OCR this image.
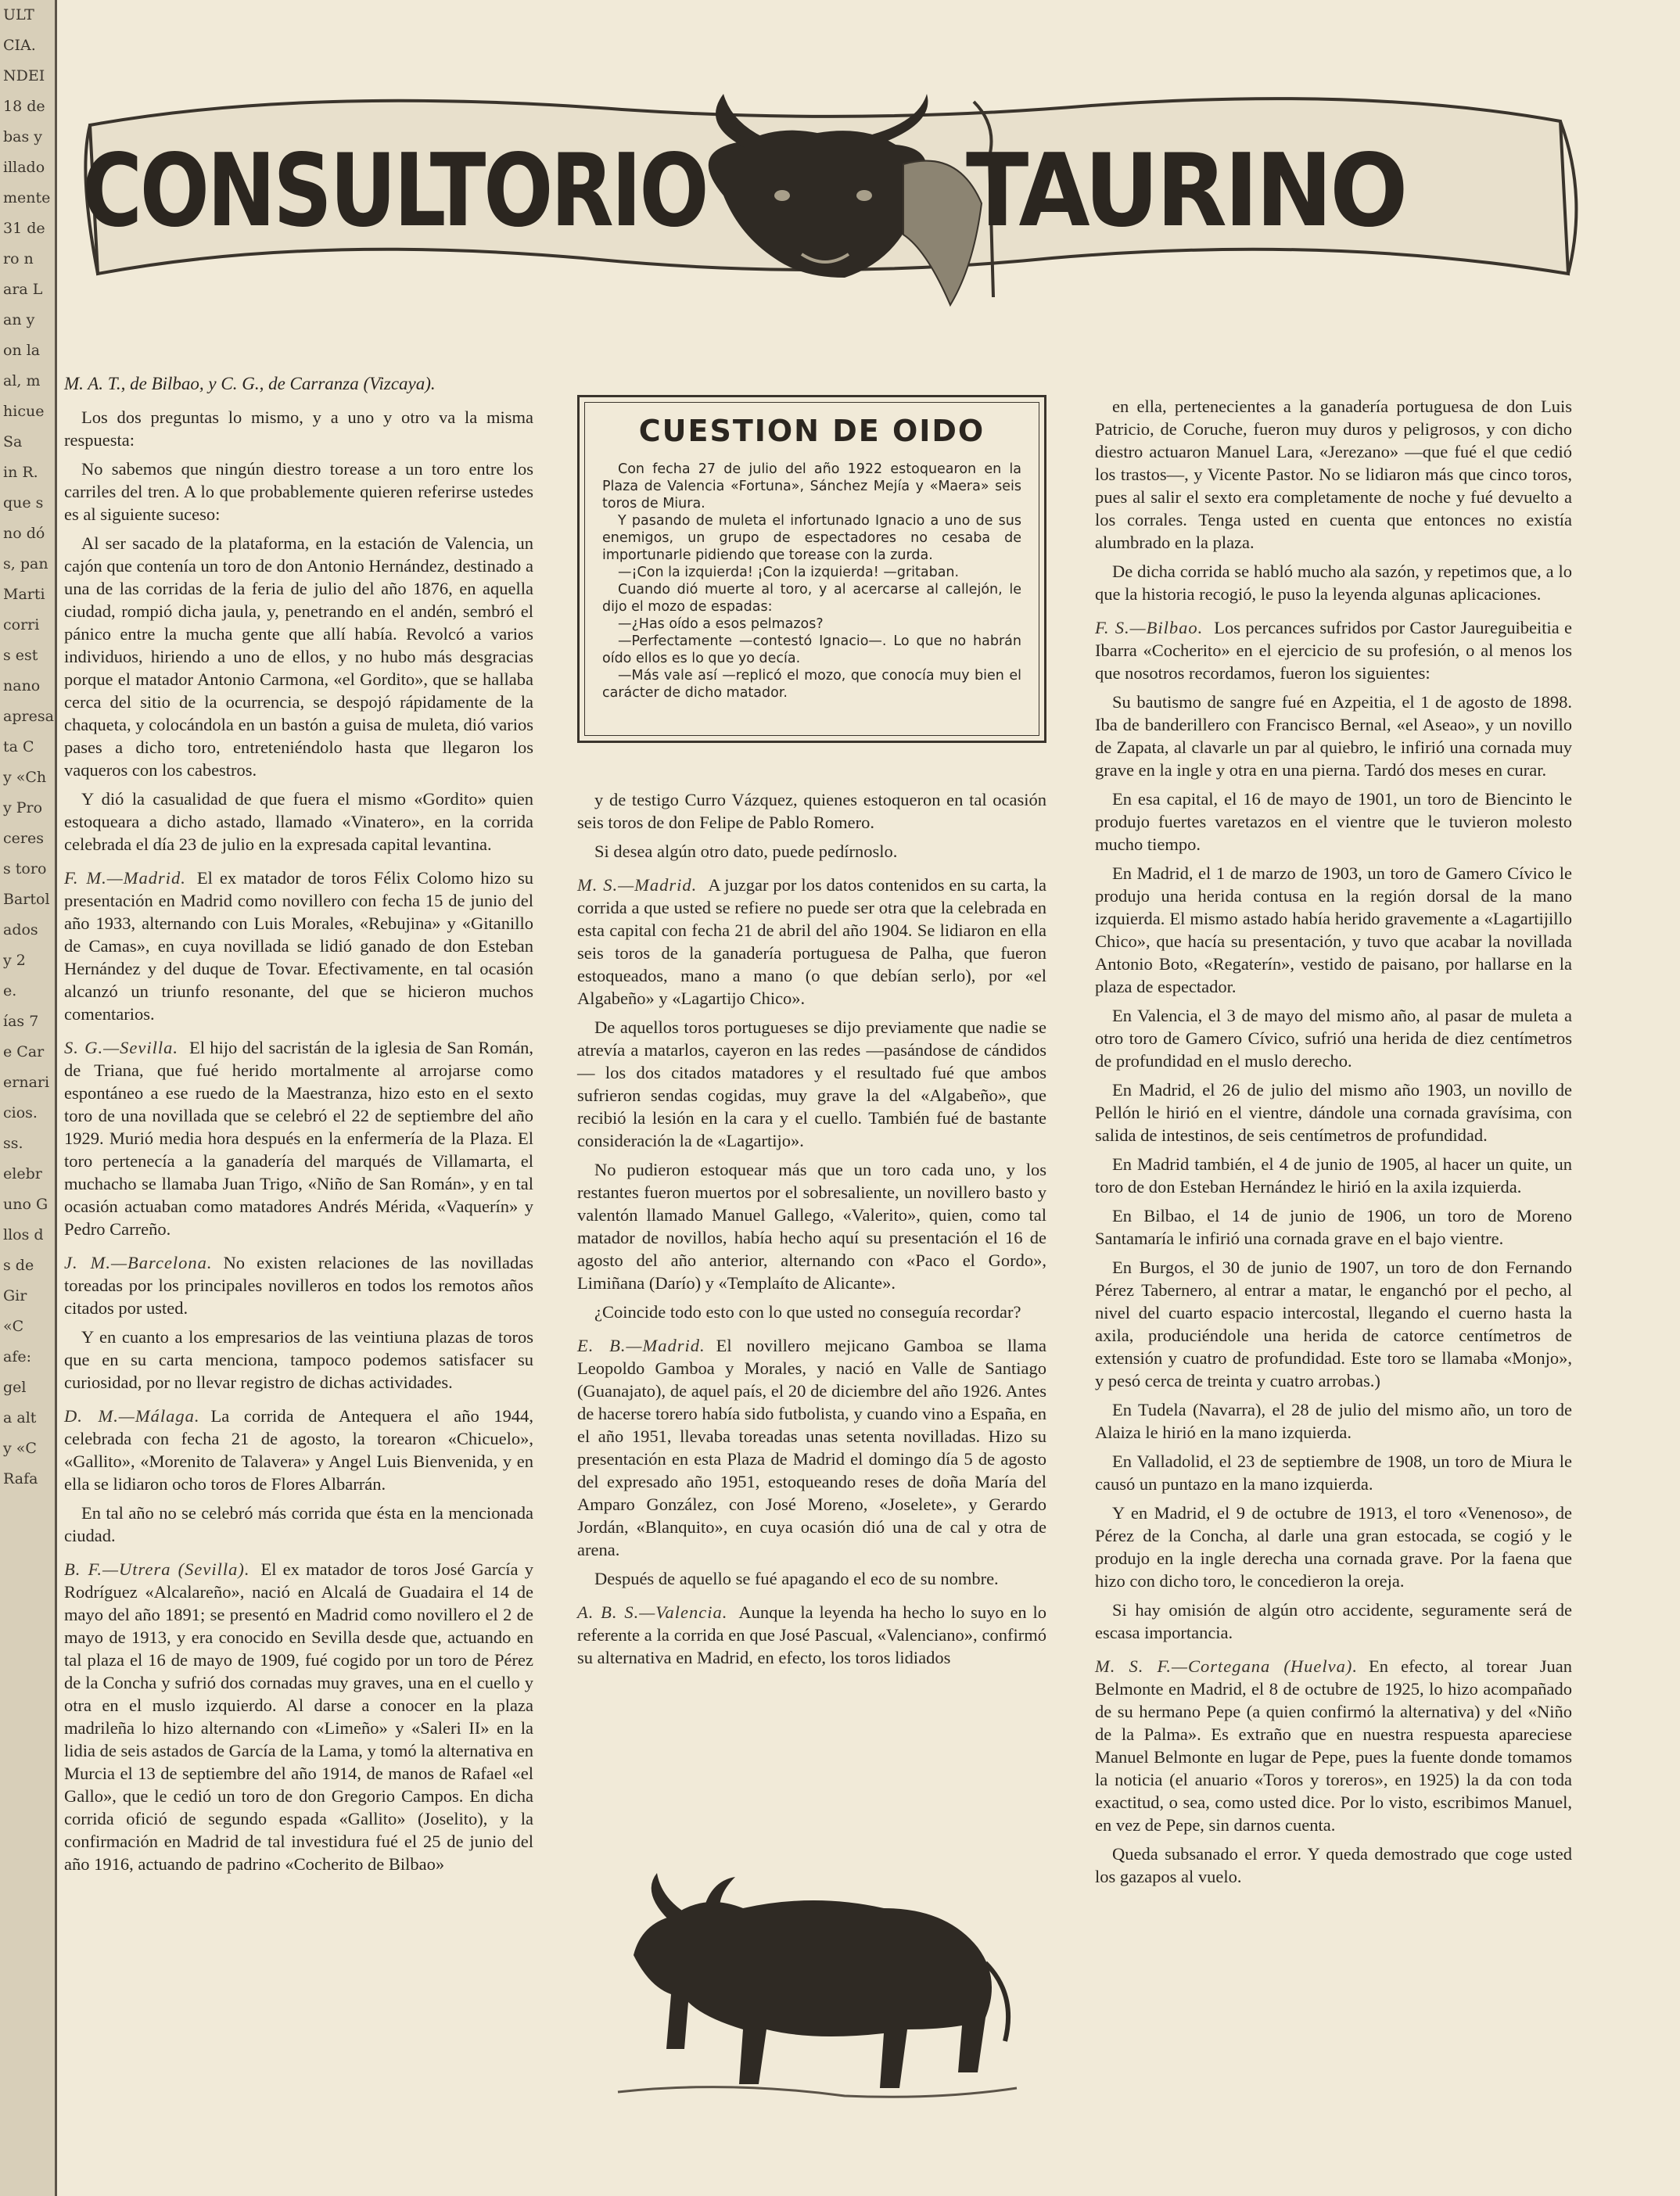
ULT
CIA.
NDEI
18 de
bas y
illado
mente
31 de
ro n
ara L
an y
on la
al, m
hicue
Sa
in R.
que s
no dó
s, pan
Marti
corri
s est
nano
apresa
ta C
y «Ch
y Pro
ceres
s toro
Bartol
ados
y 2
e.
ías 7
e Car
ernari
cios.
ss.
elebr
uno G
llos d
s de
Gir
«C
afe:
gel
a alt
y «C
Rafa
CONSULTORIO	TAURINO
M. A. T., de Bilbao, y C. G., de Carranza (Vizcaya).

Los dos preguntas lo mismo, y a uno y otro va la misma respuesta:

No sabemos que ningún diestro torease a un toro entre los carriles del tren. A lo que probablemente quieren referirse ustedes es al siguiente suceso:

Al ser sacado de la plataforma, en la estación de Valencia, un cajón que contenía un toro de don Antonio Hernández, destinado a una de las corridas de la feria de julio del año 1876, en aquella ciudad, rompió dicha jaula, y, penetrando en el andén, sembró el pánico entre la mucha gente que allí había. Revolcó a varios individuos, hiriendo a uno de ellos, y no hubo más desgracias porque el matador Antonio Carmona, «el Gordito», que se hallaba cerca del sitio de la ocurrencia, se despojó rápidamente de la chaqueta, y colocándola en un bastón a guisa de muleta, dió varios pases a dicho toro, entreteniéndolo hasta que llegaron los vaqueros con los cabestros.

Y dió la casualidad de que fuera el mismo «Gordito» quien estoqueara a dicho astado, llamado «Vinatero», en la corrida celebrada el día 23 de julio en la expresada capital levantina.

F. M.—Madrid. El ex matador de toros Félix Colomo hizo su presentación en Madrid como novillero con fecha 15 de junio del año 1933, alternando con Luis Morales, «Rebujina» y «Gitanillo de Camas», en cuya novillada se lidió ganado de don Esteban Hernández y del duque de Tovar. Efectivamente, en tal ocasión alcanzó un triunfo resonante, del que se hicieron muchos comentarios.

S. G.—Sevilla. El hijo del sacristán de la iglesia de San Román, de Triana, que fué herido mortalmente al arrojarse como espontáneo a ese ruedo de la Maestranza, hizo esto en el sexto toro de una novillada que se celebró el 22 de septiembre del año 1929. Murió media hora después en la enfermería de la Plaza. El toro pertenecía a la ganadería del marqués de Villamarta, el muchacho se llamaba Juan Trigo, «Niño de San Román», y en tal ocasión actuaban como matadores Andrés Mérida, «Vaquerín» y Pedro Carreño.

J. M.—Barcelona. No existen relaciones de las novilladas toreadas por los principales novilleros en todos los remotos años citados por usted.

Y en cuanto a los empresarios de las veintiuna plazas de toros que en su carta menciona, tampoco podemos satisfacer su curiosidad, por no llevar registro de dichas actividades.

D. M.—Málaga. La corrida de Antequera el año 1944, celebrada con fecha 21 de agosto, la torearon «Chicuelo», «Gallito», «Morenito de Talavera» y Angel Luis Bienvenida, y en ella se lidiaron ocho toros de Flores Albarrán.

En tal año no se celebró más corrida que ésta en la mencionada ciudad.

B. F.—Utrera (Sevilla). El ex matador de toros José García y Rodríguez «Alcalareño», nació en Alcalá de Guadaira el 14 de mayo del año 1891; se presentó en Madrid como novillero el 2 de mayo de 1913, y era conocido en Sevilla desde que, actuando en tal plaza el 16 de mayo de 1909, fué cogido por un toro de Pérez de la Concha y sufrió dos cornadas muy graves, una en el cuello y otra en el muslo izquierdo. Al darse a conocer en la plaza madrileña lo hizo alternando con «Limeño» y «Saleri II» en la lidia de seis astados de García de la Lama, y tomó la alternativa en Murcia el 13 de septiembre del año 1914, de manos de Rafael «el Gallo», que le cedió un toro de don Gregorio Campos. En dicha corrida ofició de segundo espada «Gallito» (Joselito), y la confirmación en Madrid de tal investidura fué el 25 de junio del año 1916, actuando de padrino «Cocherito de Bilbao»

y de testigo Curro Vázquez, quienes estoqueron en tal ocasión seis toros de don Felipe de Pablo Romero.

Si desea algún otro dato, puede pedírnoslo.

M. S.—Madrid. A juzgar por los datos contenidos en su carta, la corrida a que usted se refiere no puede ser otra que la celebrada en esta capital con fecha 21 de abril del año 1904. Se lidiaron en ella seis toros de la ganadería portuguesa de Palha, que fueron estoqueados, mano a mano (o que debían serlo), por «el Algabeño» y «Lagartijo Chico».

De aquellos toros portugueses se dijo previamente que nadie se atrevía a matarlos, cayeron en las redes —pasándose de cándidos— los dos citados matadores y el resultado fué que ambos sufrieron sendas cogidas, muy grave la del «Algabeño», que recibió la lesión en la cara y el cuello. También fué de bastante consideración la de «Lagartijo».

No pudieron estoquear más que un toro cada uno, y los restantes fueron muertos por el sobresaliente, un novillero basto y valentón llamado Manuel Gallego, «Valerito», quien, como tal matador de novillos, había hecho aquí su presentación el 16 de agosto del año anterior, alternando con «Paco el Gordo», Limiñana (Darío) y «Templaíto de Alicante».

¿Coincide todo esto con lo que usted no conseguía recordar?

E. B.—Madrid. El novillero mejicano Gamboa se llama Leopoldo Gamboa y Morales, y nació en Valle de Santiago (Guanajato), de aquel país, el 20 de diciembre del año 1926. Antes de hacerse torero había sido futbolista, y cuando vino a España, en el año 1951, llevaba toreadas unas setenta novilladas. Hizo su presentación en esta Plaza de Madrid el domingo día 5 de agosto del expresado año 1951, estoqueando reses de doña María del Amparo González, con José Moreno, «Joselete», y Gerardo Jordán, «Blanquito», en cuya ocasión dió una de cal y otra de arena.

Después de aquello se fué apagando el eco de su nombre.

A. B. S.—Valencia. Aunque la leyenda ha hecho lo suyo en lo referente a la corrida en que José Pascual, «Valenciano», confirmó su alternativa en Madrid, en efecto, los toros lidiados

en ella, pertenecientes a la ganadería portuguesa de don Luis Patricio, de Coruche, fueron muy duros y peligrosos, y con dicho diestro actuaron Manuel Lara, «Jerezano» —que fué el que cedió los trastos—, y Vicente Pastor. No se lidiaron más que cinco toros, pues al salir el sexto era completamente de noche y fué devuelto a los corrales. Tenga usted en cuenta que entonces no existía alumbrado en la plaza.

De dicha corrida se habló mucho ala sazón, y repetimos que, a lo que la historia recogió, le puso la leyenda algunas aplicaciones.

F. S.—Bilbao. Los percances sufridos por Castor Jaureguibeitia e Ibarra «Cocherito» en el ejercicio de su profesión, o al menos los que nosotros recordamos, fueron los siguientes:

Su bautismo de sangre fué en Azpeitia, el 1 de agosto de 1898. Iba de banderillero con Francisco Bernal, «el Aseao», y un novillo de Zapata, al clavarle un par al quiebro, le infirió una cornada muy grave en la ingle y otra en una pierna. Tardó dos meses en curar.

En esa capital, el 16 de mayo de 1901, un toro de Biencinto le produjo fuertes varetazos en el vientre que le tuvieron molesto mucho tiempo.

En Madrid, el 1 de marzo de 1903, un toro de Gamero Cívico le produjo una herida contusa en la región dorsal de la mano izquierda. El mismo astado había herido gravemente a «Lagartijillo Chico», que hacía su presentación, y tuvo que acabar la novillada Antonio Boto, «Regaterín», vestido de paisano, por hallarse en la plaza de espectador.

En Valencia, el 3 de mayo del mismo año, al pasar de muleta a otro toro de Gamero Cívico, sufrió una herida de diez centímetros de profundidad en el muslo derecho.

En Madrid, el 26 de julio del mismo año 1903, un novillo de Pellón le hirió en el vientre, dándole una cornada gravísima, con salida de intestinos, de seis centímetros de profundidad.

En Madrid también, el 4 de junio de 1905, al hacer un quite, un toro de don Esteban Hernández le hirió en la axila izquierda.

En Bilbao, el 14 de junio de 1906, un toro de Moreno Santamaría le infirió una cornada grave en el bajo vientre.

En Burgos, el 30 de junio de 1907, un toro de don Fernando Pérez Tabernero, al entrar a matar, le enganchó por el pecho, al nivel del cuarto espacio intercostal, llegando el cuerno hasta la axila, produciéndole una herida de catorce centímetros de extensión y cuatro de profundidad. Este toro se llamaba «Monjo», y pesó cerca de treinta y cuatro arrobas.)

En Tudela (Navarra), el 28 de julio del mismo año, un toro de Alaiza le hirió en la mano izquierda.

En Valladolid, el 23 de septiembre de 1908, un toro de Miura le causó un puntazo en la mano izquierda.

Y en Madrid, el 9 de octubre de 1913, el toro «Venenoso», de Pérez de la Concha, al darle una gran estocada, se cogió y le produjo en la ingle derecha una cornada grave. Por la faena que hizo con dicho toro, le concedieron la oreja.

Si hay omisión de algún otro accidente, seguramente será de escasa importancia.

M. S. F.—Cortegana (Huelva). En efecto, al torear Juan Belmonte en Madrid, el 8 de octubre de 1925, lo hizo acompañado de su hermano Pepe (a quien confirmó la alternativa) y del «Niño de la Palma». Es extraño que en nuestra respuesta apareciese Manuel Belmonte en lugar de Pepe, pues la fuente donde tomamos la noticia (el anuario «Toros y toreros», en 1925) la da con toda exactitud, o sea, como usted dice. Por lo visto, escribimos Manuel, en vez de Pepe, sin darnos cuenta.

Queda subsanado el error. Y queda demostrado que coge usted los gazapos al vuelo.

CUESTION DE OIDO

Con fecha 27 de julio del año 1922 estoquearon en la Plaza de Valencia «Fortuna», Sánchez Mejía y «Maera» seis toros de Miura.

Y pasando de muleta el infortunado Ignacio a uno de sus enemigos, un grupo de espectadores no cesaba de importunarle pidiendo que torease con la zurda.

—¡Con la izquierda! ¡Con la izquierda! —gritaban.

Cuando dió muerte al toro, y al acercarse al callejón, le dijo el mozo de espadas:

—¿Has oído a esos pelmazos?

—Perfectamente —contestó Ignacio—. Lo que no habrán oído ellos es lo que yo decía.

—Más vale así —replicó el mozo, que conocía muy bien el carácter de dicho matador.
